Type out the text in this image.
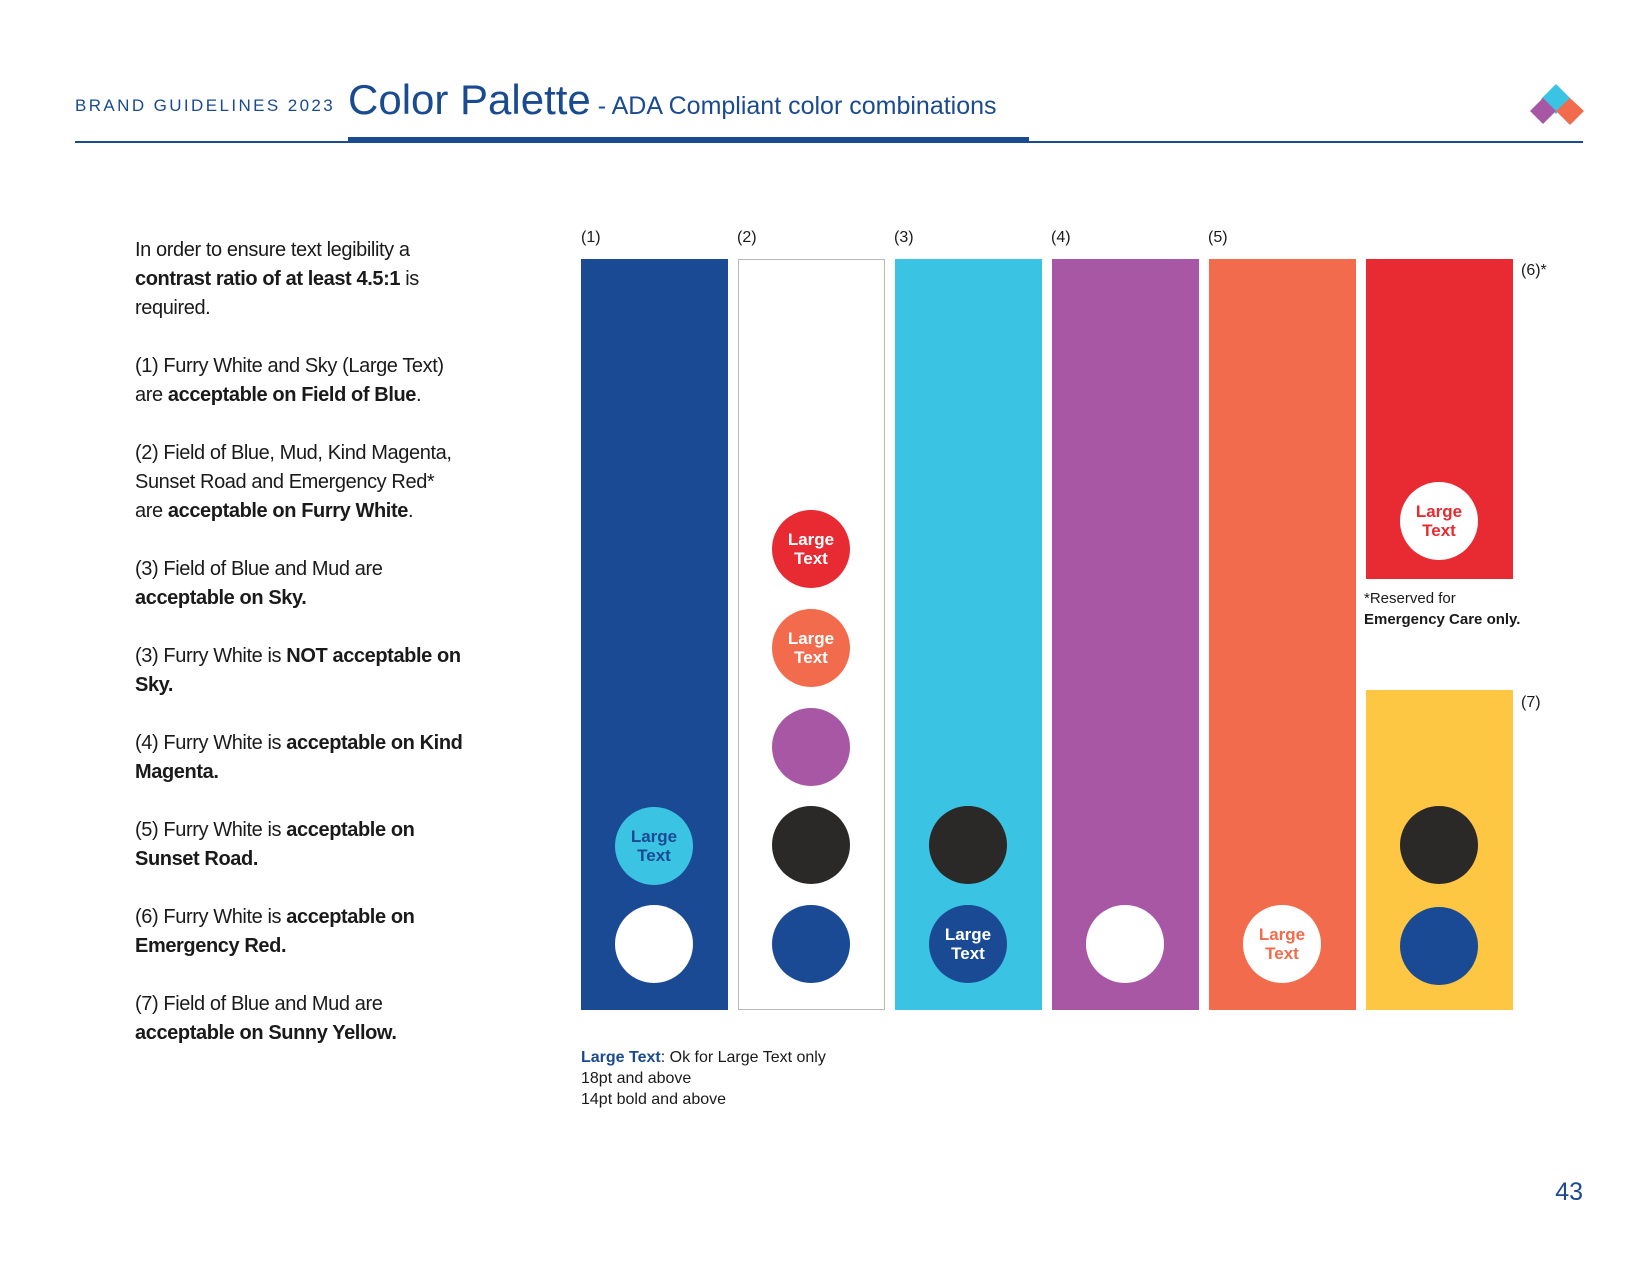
BRAND GUIDELINES 2023 Color Palette - ADA Compliant color combinations

In order to ensure text legibility a contrast ratio of at least 4.5:1 is required.

(1) Furry White and Sky (Large Text) are acceptable on Field of Blue.

(2) Field of Blue, Mud, Kind Magenta, Sunset Road and Emergency Red* are acceptable on Furry White.

(3) Field of Blue and Mud are acceptable on Sky.

(3) Furry White is NOT acceptable on Sky.

(4) Furry White is acceptable on Kind Magenta.

(5) Furry White is acceptable on Sunset Road.

(6) Furry White is acceptable on Emergency Red.

(7) Field of Blue and Mud are acceptable on Sunny Yellow.

(1)	(2)	(3)	(4)	(5)
(6)*
(7)
Large
Text
Large
Text
Large
Text
Large
Text
Large
Text
Large
Text
*Reserved for Emergency Care only.
Large Text: Ok for Large Text only
18pt and above
14pt bold and above
43
